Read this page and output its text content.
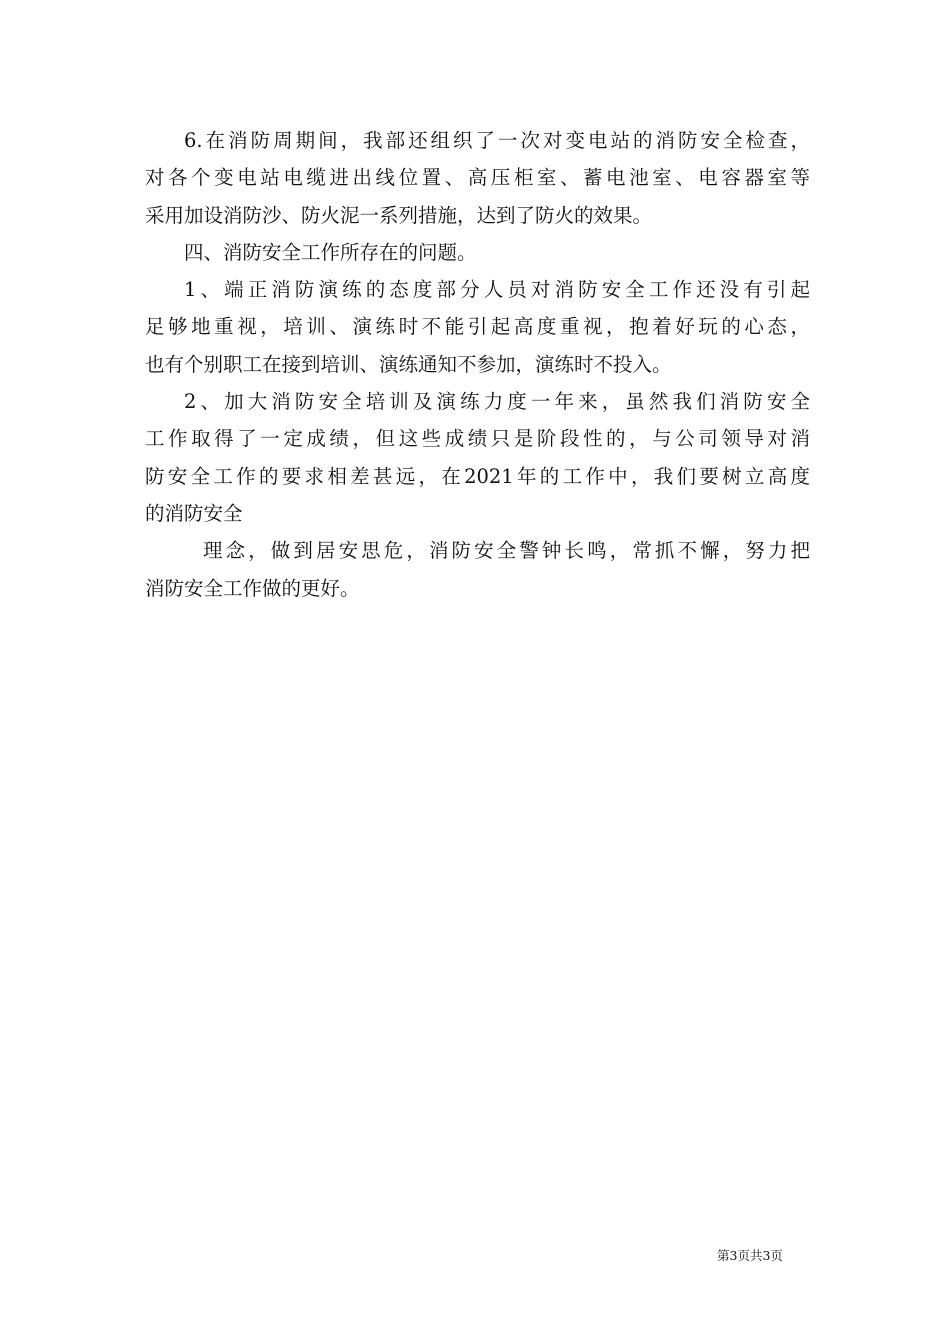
6.在消防周期间，我部还组织了一次对变电站的消防安全检查，
对各个变电站电缆进出线位置、高压柜室、蓄电池室、电容器室等
采用加设消防沙、防火泥一系列措施，达到了防火的效果。
四、消防安全工作所存在的问题。
1、端正消防演练的态度部分人员对消防安全工作还没有引起
足够地重视，培训、演练时不能引起高度重视，抱着好玩的心态，
也有个别职工在接到培训、演练通知不参加，演练时不投入。
2、加大消防安全培训及演练力度一年来，虽然我们消防安全
工作取得了一定成绩，但这些成绩只是阶段性的，与公司领导对消
防安全工作的要求相差甚远，在2021年的工作中，我们要树立高度
的消防安全
理念，做到居安思危，消防安全警钟长鸣，常抓不懈，努力把
消防安全工作做的更好。
第3页共3页
